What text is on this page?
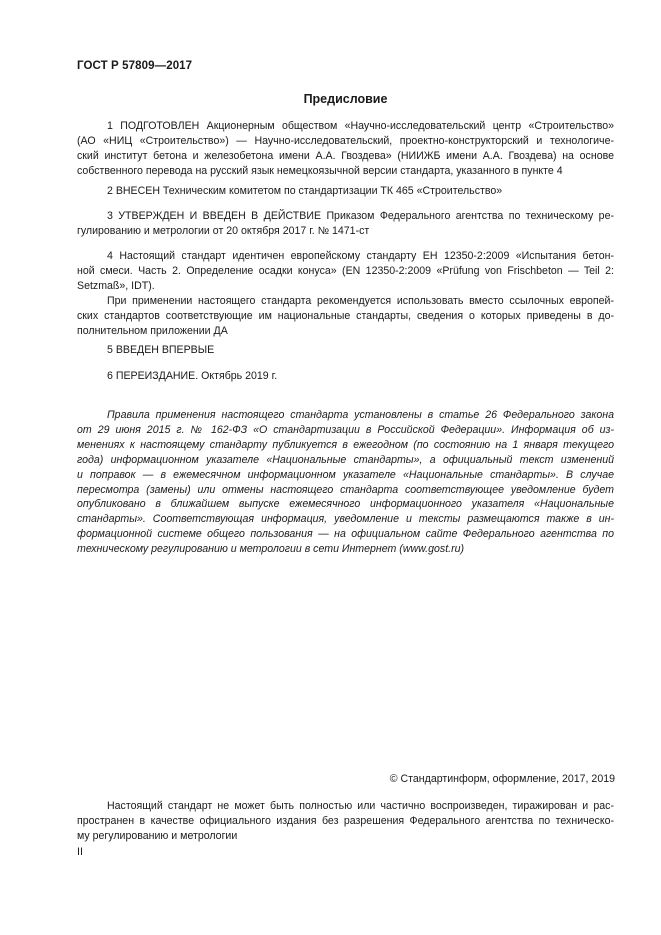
ГОСТ Р 57809—2017
Предисловие
1 ПОДГОТОВЛЕН Акционерным обществом «Научно-исследовательский центр «Строительство»
(АО «НИЦ «Строительство») — Научно-исследовательский, проектно-конструкторский и технологиче-
ский институт бетона и железобетона имени А.А. Гвоздева» (НИИЖБ имени А.А. Гвоздева) на основе
собственного перевода на русский язык немецкоязычной версии стандарта, указанного в пункте 4
2 ВНЕСЕН Техническим комитетом по стандартизации ТК 465 «Строительство»
3 УТВЕРЖДЕН И ВВЕДЕН В ДЕЙСТВИЕ Приказом Федерального агентства по техническому ре-
гулированию и метрологии от 20 октября 2017 г. № 1471-ст
4 Настоящий стандарт идентичен европейскому стандарту ЕН 12350-2:2009 «Испытания бетон-
ной смеси. Часть 2. Определение осадки конуса» (EN 12350-2:2009 «Prüfung von Frischbeton — Teil 2:
Setzmaß», IDT).
При применении настоящего стандарта рекомендуется использовать вместо ссылочных европей-
ских стандартов соответствующие им национальные стандарты, сведения о которых приведены в до-
полнительном приложении ДА
5 ВВЕДЕН ВПЕРВЫЕ
6 ПЕРЕИЗДАНИЕ. Октябрь 2019 г.
Правила применения настоящего стандарта установлены в статье 26 Федерального закона
от 29 июня 2015 г. № 162-ФЗ «О стандартизации в Российской Федерации». Информация об из-
менениях к настоящему стандарту публикуется в ежегодном (по состоянию на 1 января текущего
года) информационном указателе «Национальные стандарты», а официальный текст изменений
и поправок — в ежемесячном информационном указателе «Национальные стандарты». В случае
пересмотра (замены) или отмены настоящего стандарта соответствующее уведомление будет
опубликовано в ближайшем выпуске ежемесячного информационного указателя «Национальные
стандарты». Соответствующая информация, уведомление и тексты размещаются также в ин-
формационной системе общего пользования — на официальном сайте Федерального агентства по
техническому регулированию и метрологии в сети Интернет (www.gost.ru)
© Стандартинформ, оформление, 2017, 2019
Настоящий стандарт не может быть полностью или частично воспроизведен, тиражирован и рас-
пространен в качестве официального издания без разрешения Федерального агентства по техническо-
му регулированию и метрологии
II
